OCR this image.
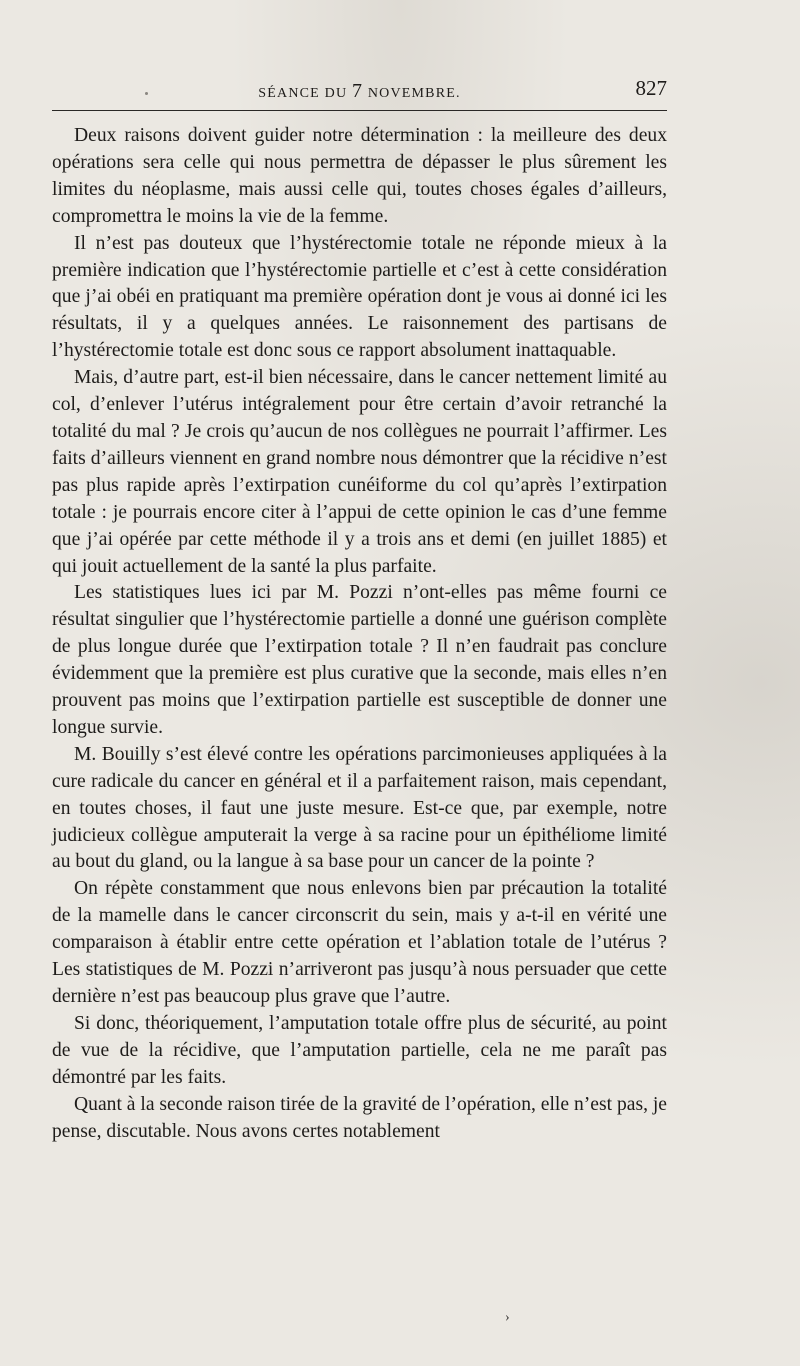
SÉANCE DU 7 NOVEMBRE.	827

Deux raisons doivent guider notre détermination : la meilleure des deux opérations sera celle qui nous permettra de dépasser le plus sûrement les limites du néoplasme, mais aussi celle qui, toutes choses égales d’ailleurs, compromettra le moins la vie de la femme.

Il n’est pas douteux que l’hystérectomie totale ne réponde mieux à la première indication que l’hystérectomie partielle et c’est à cette considération que j’ai obéi en pratiquant ma première opération dont je vous ai donné ici les résultats, il y a quelques années. Le raisonnement des partisans de l’hystérectomie totale est donc sous ce rapport absolument inattaquable.

Mais, d’autre part, est-il bien nécessaire, dans le cancer nettement limité au col, d’enlever l’utérus intégralement pour être certain d’avoir retranché la totalité du mal ? Je crois qu’aucun de nos collègues ne pourrait l’affirmer. Les faits d’ailleurs viennent en grand nombre nous démontrer que la récidive n’est pas plus rapide après l’extirpation cunéiforme du col qu’après l’extirpation totale : je pourrais encore citer à l’appui de cette opinion le cas d’une femme que j’ai opérée par cette méthode il y a trois ans et demi (en juillet 1885) et qui jouit actuellement de la santé la plus parfaite.

Les statistiques lues ici par M. Pozzi n’ont-elles pas même fourni ce résultat singulier que l’hystérectomie partielle a donné une guérison complète de plus longue durée que l’extirpation totale ? Il n’en faudrait pas conclure évidemment que la première est plus curative que la seconde, mais elles n’en prouvent pas moins que l’extirpation partielle est susceptible de donner une longue survie.

M. Bouilly s’est élevé contre les opérations parcimonieuses appliquées à la cure radicale du cancer en général et il a parfaitement raison, mais cependant, en toutes choses, il faut une juste mesure. Est-ce que, par exemple, notre judicieux collègue amputerait la verge à sa racine pour un épithéliome limité au bout du gland, ou la langue à sa base pour un cancer de la pointe ?

On répète constamment que nous enlevons bien par précaution la totalité de la mamelle dans le cancer circonscrit du sein, mais y a-t-il en vérité une comparaison à établir entre cette opération et l’ablation totale de l’utérus ? Les statistiques de M. Pozzi n’arriveront pas jusqu’à nous persuader que cette dernière n’est pas beaucoup plus grave que l’autre.

Si donc, théoriquement, l’amputation totale offre plus de sécurité, au point de vue de la récidive, que l’amputation partielle, cela ne me paraît pas démontré par les faits.

Quant à la seconde raison tirée de la gravité de l’opération, elle n’est pas, je pense, discutable. Nous avons certes notablement

›
